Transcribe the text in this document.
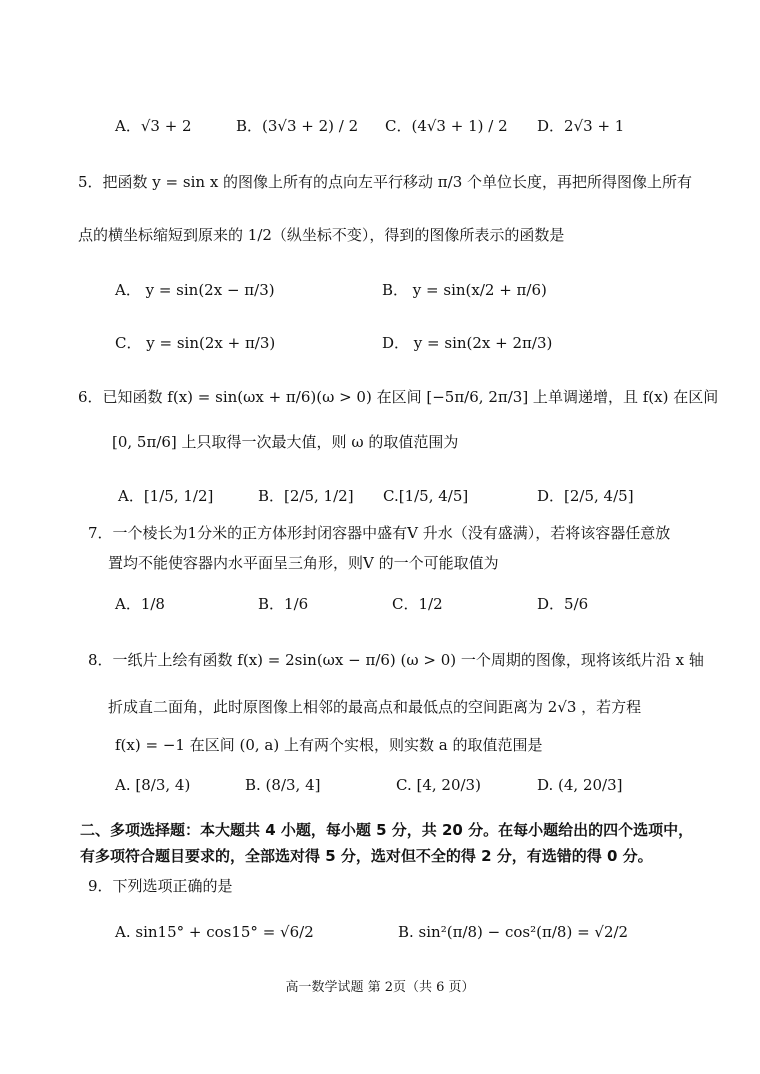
A．√3 + 2	B．(3√3 + 2) / 2 C．(4√3 + 1) / 2 D．2√3 + 1
5．把函数 y = sin x 的图像上所有的点向左平行移动 π/3 个单位长度，再把所得图像上所有
点的横坐标缩短到原来的 1/2（纵坐标不变），得到的图像所表示的函数是
A． y = sin(2x − π/3)	B． y = sin(x/2 + π/6)
C． y = sin(2x + π/3)	D． y = sin(2x + 2π/3)
6．已知函数 f(x) = sin(ωx + π/6)(ω > 0) 在区间 [−5π/6, 2π/3] 上单调递增，且 f(x) 在区间
[0, 5π/6] 上只取得一次最大值，则 ω 的取值范围为
A．[1/5, 1/2]	B．[2/5, 1/2] C.[1/5, 4/5]	D．[2/5, 4/5]
7．一个棱长为1分米的正方体形封闭容器中盛有V 升水（没有盛满），若将该容器任意放
置均不能使容器内水平面呈三角形，则V 的一个可能取值为
A．1/8	B．1/6	C．1/2	D．5/6
8．一纸片上绘有函数 f(x) = 2sin(ωx − π/6) (ω > 0) 一个周期的图像，现将该纸片沿 x 轴
折成直二面角，此时原图像上相邻的最高点和最低点的空间距离为 2√3 ，若方程
f(x) = −1 在区间 (0, a) 上有两个实根，则实数 a 的取值范围是
A. [8/3, 4)	B. (8/3, 4]	C. [4, 20/3)	D. (4, 20/3]
二、多项选择题：本大题共 4 小题，每小题 5 分，共 20 分。在每小题给出的四个选项中，
有多项符合题目要求的，全部选对得 5 分，选对但不全的得 2 分，有选错的得 0 分。
9．下列选项正确的是
A. sin15° + cos15° = √6/2	B. sin²(π/8) − cos²(π/8) = √2/2
高一数学试题 第 2页（共 6 页）
